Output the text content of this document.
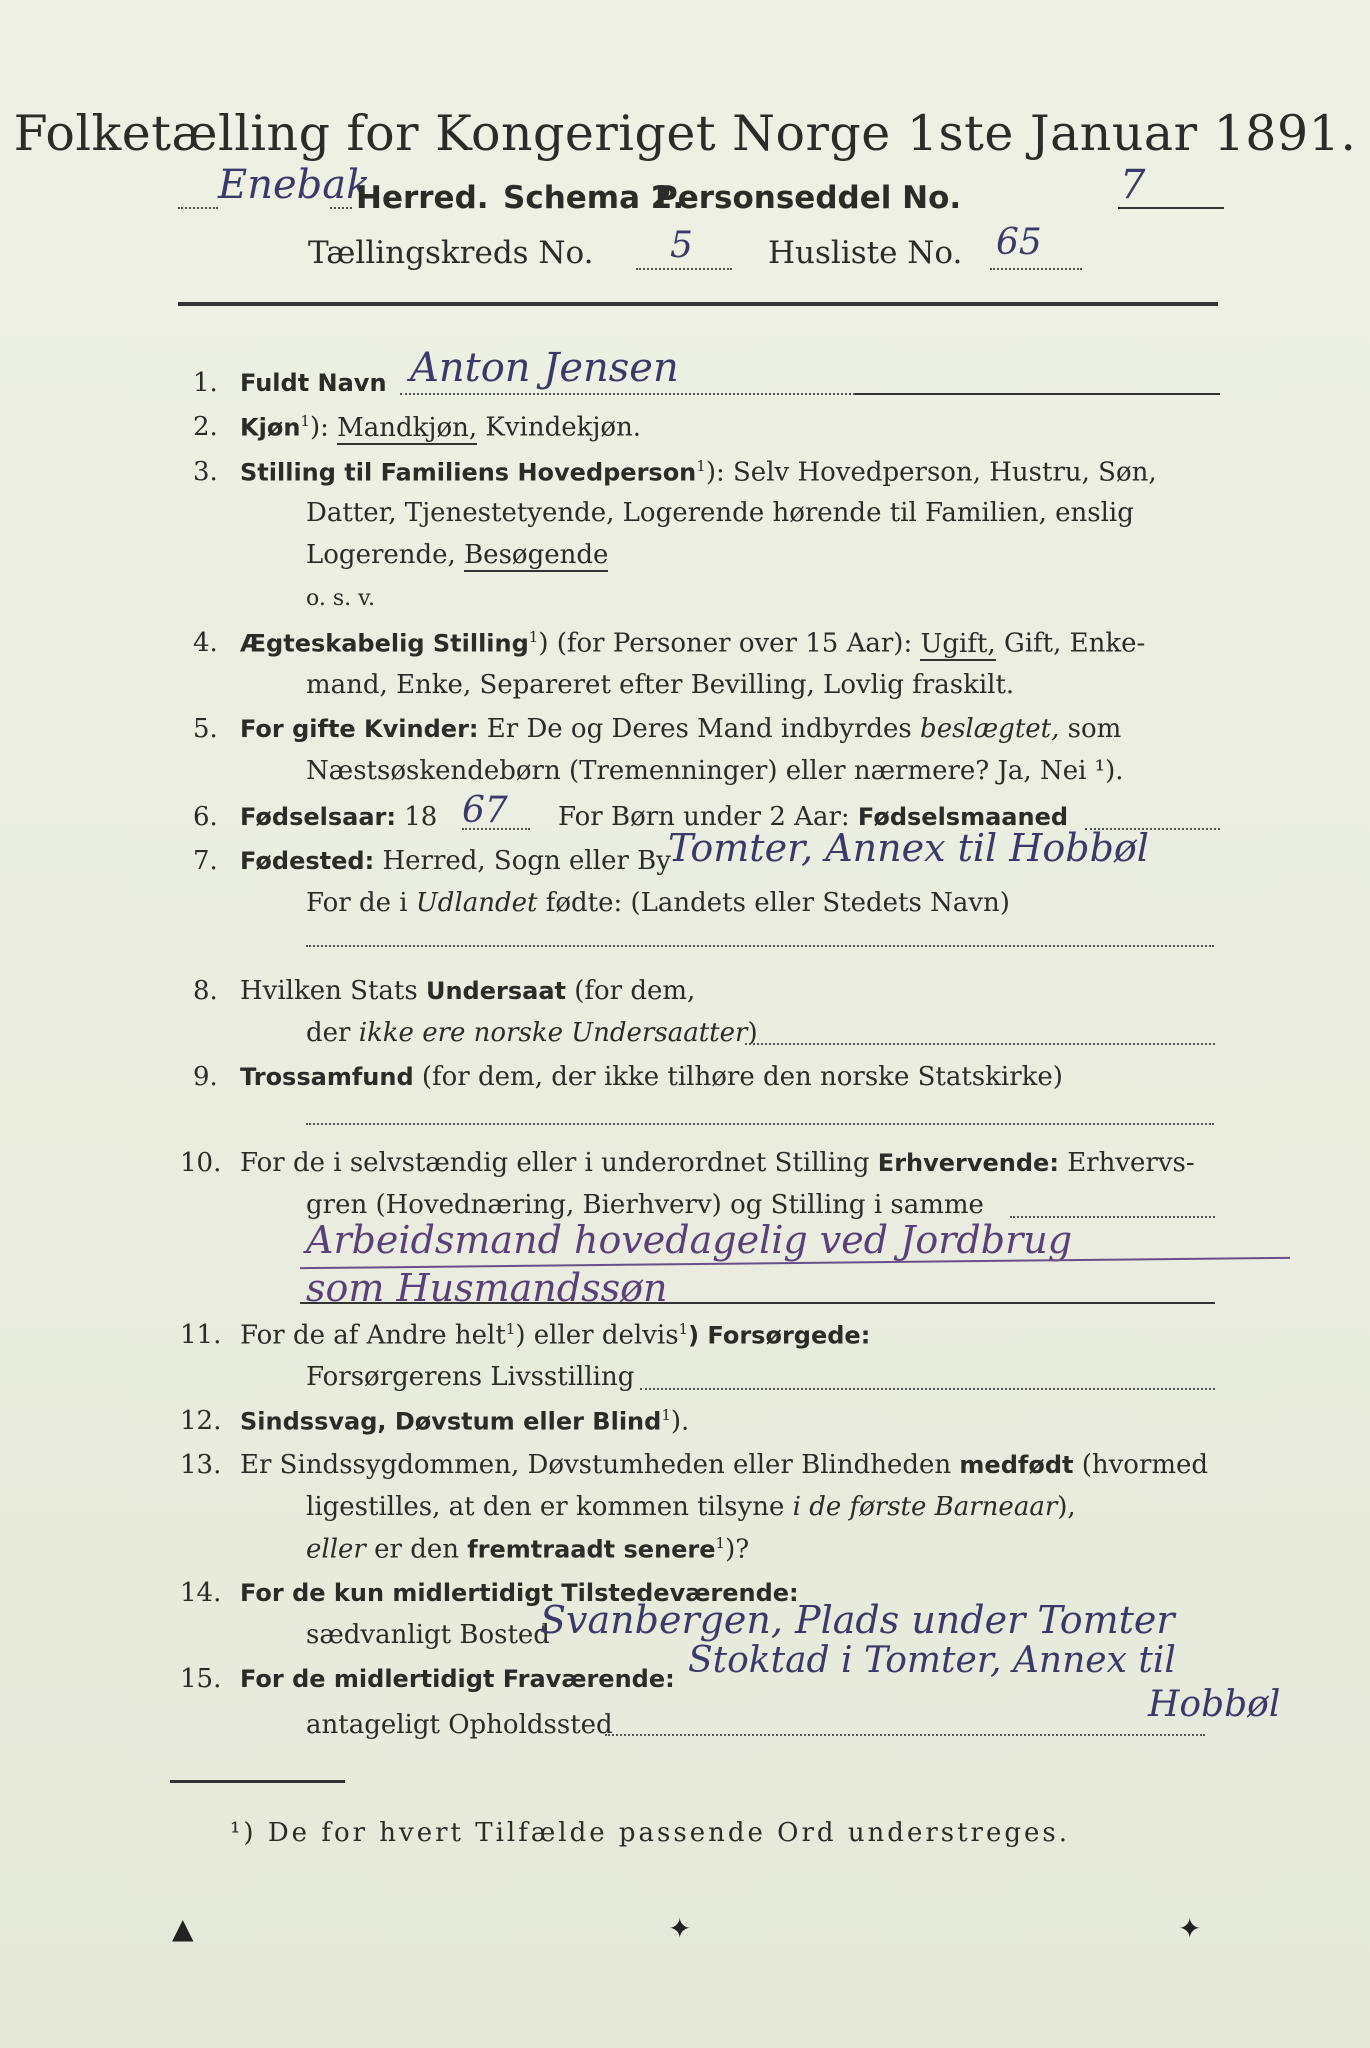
Folketælling for Kongeriget Norge 1ste Januar 1891.
Enebak
Herred. Schema 2.
Personseddel No.	7
Tællingskreds No. 5 Husliste No. 65
1. Fuldt Navn Anton Jensen
2. Kjøn$^1$): Mandkjøn, Kvindekjøn.
3. Stilling til Familiens Hovedperson$^1$): Selv Hovedperson, Hustru, Søn,
Datter, Tjenestetyende, Logerende hørende til Familien, enslig
Logerende, Besøgende
o. s. v.
4. Ægteskabelig Stilling$^1$) (for Personer over 15 Aar): Ugift, Gift, Enke-
mand, Enke, Separeret efter Bevilling, Lovlig fraskilt.
5. For gifte Kvinder: Er De og Deres Mand indbyrdes beslægtet, som
Næstsøskendebørn (Tremenninger) eller nærmere? Ja, Nei ¹).
6. Fødselsaar: 18 67 For Børn under 2 Aar: Fødselsmaaned
7. Fødested: Herred, Sogn eller By
Tomter, Annex til Hobbøl
For de i Udlandet fødte: (Landets eller Stedets Navn)
8. Hvilken Stats Undersaat (for dem,
der ikke ere norske Undersaatter)
9. Trossamfund (for dem, der ikke tilhøre den norske Statskirke)
10. For de i selvstændig eller i underordnet Stilling Erhvervende: Erhvervs-
gren (Hovednæring, Bierhverv) og Stilling i samme
Arbeidsmand hovedagelig ved Jordbrug
som Husmandssøn
11. For de af Andre helt$^1$) eller delvis$^1$) Forsørgede:
Forsørgerens Livsstilling
12. Sindssvag, Døvstum eller Blind$^1$).
13. Er Sindssygdommen, Døvstumheden eller Blindheden medfødt (hvormed
ligestilles, at den er kommen tilsyne i de første Barneaar),
eller er den fremtraadt senere$^1$)?
14. For de kun midlertidigt Tilstedeværende:
sædvanligt Bosted
Svanbergen, Plads under Tomter
15. For de midlertidigt Fraværende: Stoktad i Tomter, Annex til
antageligt Opholdssted	Hobbøl
¹) De for hvert Tilfælde passende Ord understreges.
▲	✦	✦
